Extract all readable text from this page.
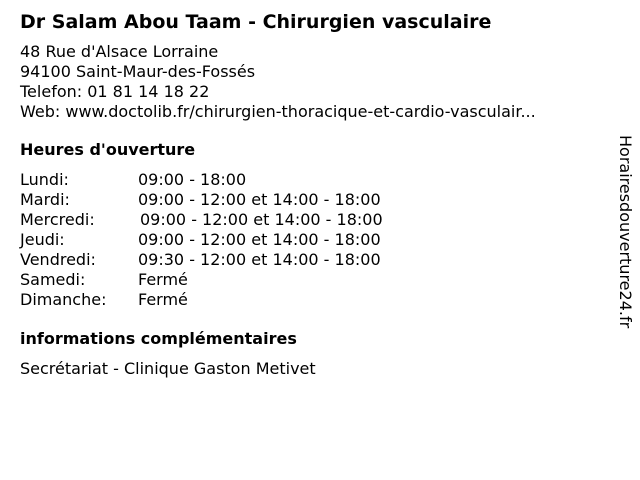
Dr Salam Abou Taam - Chirurgien vasculaire
48 Rue d'Alsace Lorraine
94100 Saint-Maur-des-Fossés
Telefon: 01 81 14 18 22
Web: www.doctolib.fr/chirurgien-thoracique-et-cardio-vasculair...
Heures d'ouverture
Lundi:	09:00 - 18:00
Mardi:	09:00 - 12:00 et 14:00 - 18:00
Mercredi:	09:00 - 12:00 et 14:00 - 18:00
Jeudi:	09:00 - 12:00 et 14:00 - 18:00
Vendredi:	09:30 - 12:00 et 14:00 - 18:00
Samedi:	Fermé
Dimanche: Fermé
informations complémentaires
Secrétariat - Clinique Gaston Metivet
Horairesdouverture24.fr
